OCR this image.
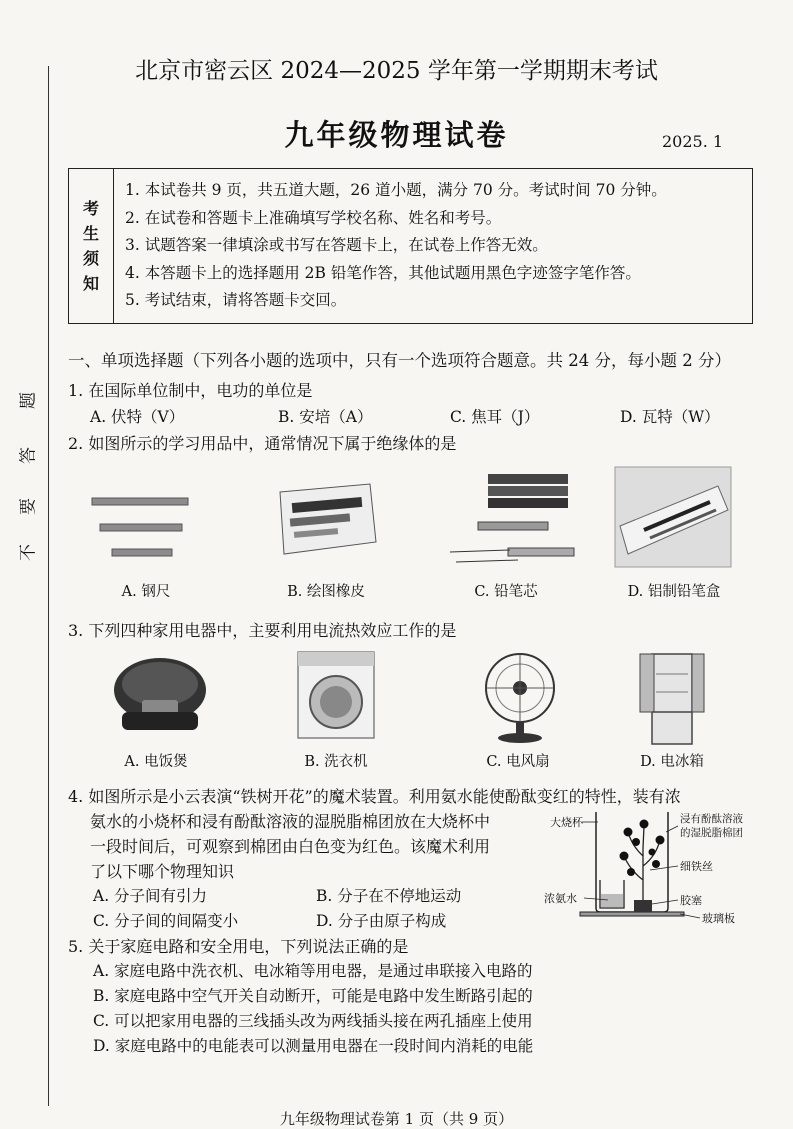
题
答
要
不
北京市密云区 2024—2025 学年第一学期期末考试
九年级物理试卷	2025. 1
考
生
须
知
1. 本试卷共 9 页，共五道大题，26 道小题，满分 70 分。考试时间 70 分钟。
2. 在试卷和答题卡上准确填写学校名称、姓名和考号。
3. 试题答案一律填涂或书写在答题卡上，在试卷上作答无效。
4. 本答题卡上的选择题用 2B 铅笔作答，其他试题用黑色字迹签字笔作答。
5. 考试结束，请将答题卡交回。
一、单项选择题（下列各小题的选项中，只有一个选项符合题意。共 24 分，每小题 2 分）
1. 在国际单位制中，电功的单位是
A. 伏特（V）	B. 安培（A）	C. 焦耳（J）	D. 瓦特（W）
2. 如图所示的学习用品中，通常情况下属于绝缘体的是
A. 钢尺	B. 绘图橡皮	C. 铅笔芯	D. 铝制铅笔盒
3. 下列四种家用电器中，主要利用电流热效应工作的是
A. 电饭煲	B. 洗衣机	C. 电风扇	D. 电冰箱
4. 如图所示是小云表演“铁树开花”的魔术装置。利用氨水能使酚酞变红的特性，装有浓
氨水的小烧杯和浸有酚酞溶液的湿脱脂棉团放在大烧杯中
一段时间后，可观察到棉团由白色变为红色。该魔术利用
了以下哪个物理知识
A. 分子间有引力	B. 分子在不停地运动
C. 分子间的间隔变小	D. 分子由原子构成
大烧杯	浸有酚酞溶液
的湿脱脂棉团
细铁丝
浓氨水	胶塞
玻璃板
5. 关于家庭电路和安全用电，下列说法正确的是
A. 家庭电路中洗衣机、电冰箱等用电器，是通过串联接入电路的
B. 家庭电路中空气开关自动断开，可能是电路中发生断路引起的
C. 可以把家用电器的三线插头改为两线插头接在两孔插座上使用
D. 家庭电路中的电能表可以测量用电器在一段时间内消耗的电能
九年级物理试卷第 1 页（共 9 页）
